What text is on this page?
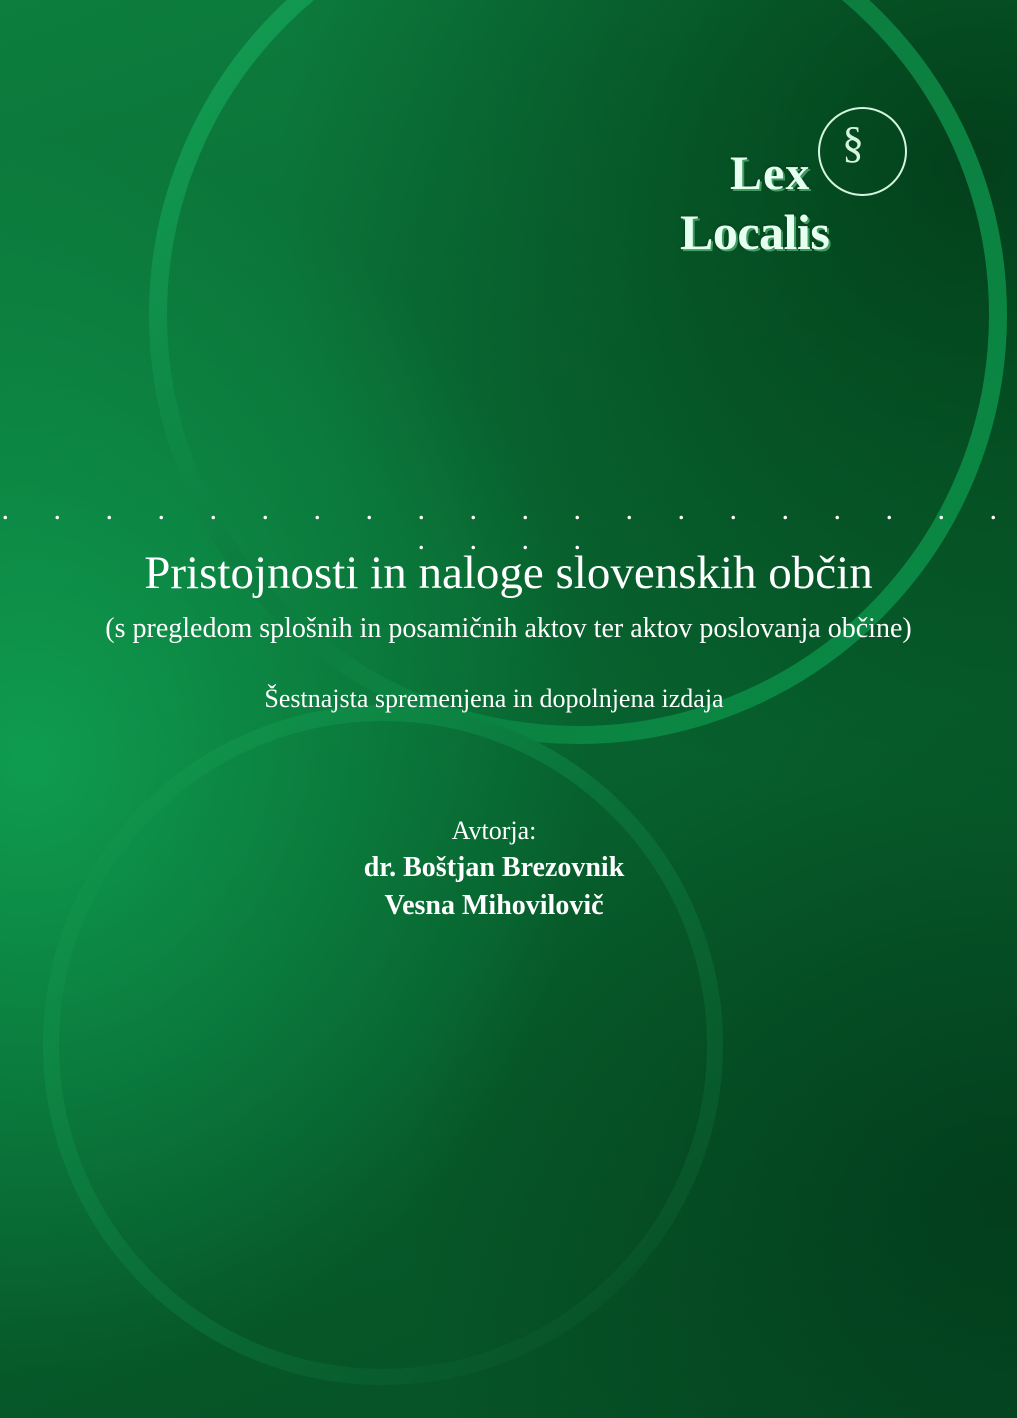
§
Lex
Localis
. . . . . . . . . . . . . . . . . . . . . . . .
Pristojnosti in naloge slovenskih občin
(s pregledom splošnih in posamičnih aktov ter aktov poslovanja občine)
Šestnajsta spremenjena in dopolnjena izdaja
Avtorja:
dr. Boštjan Brezovnik
Vesna Mihovilovič
